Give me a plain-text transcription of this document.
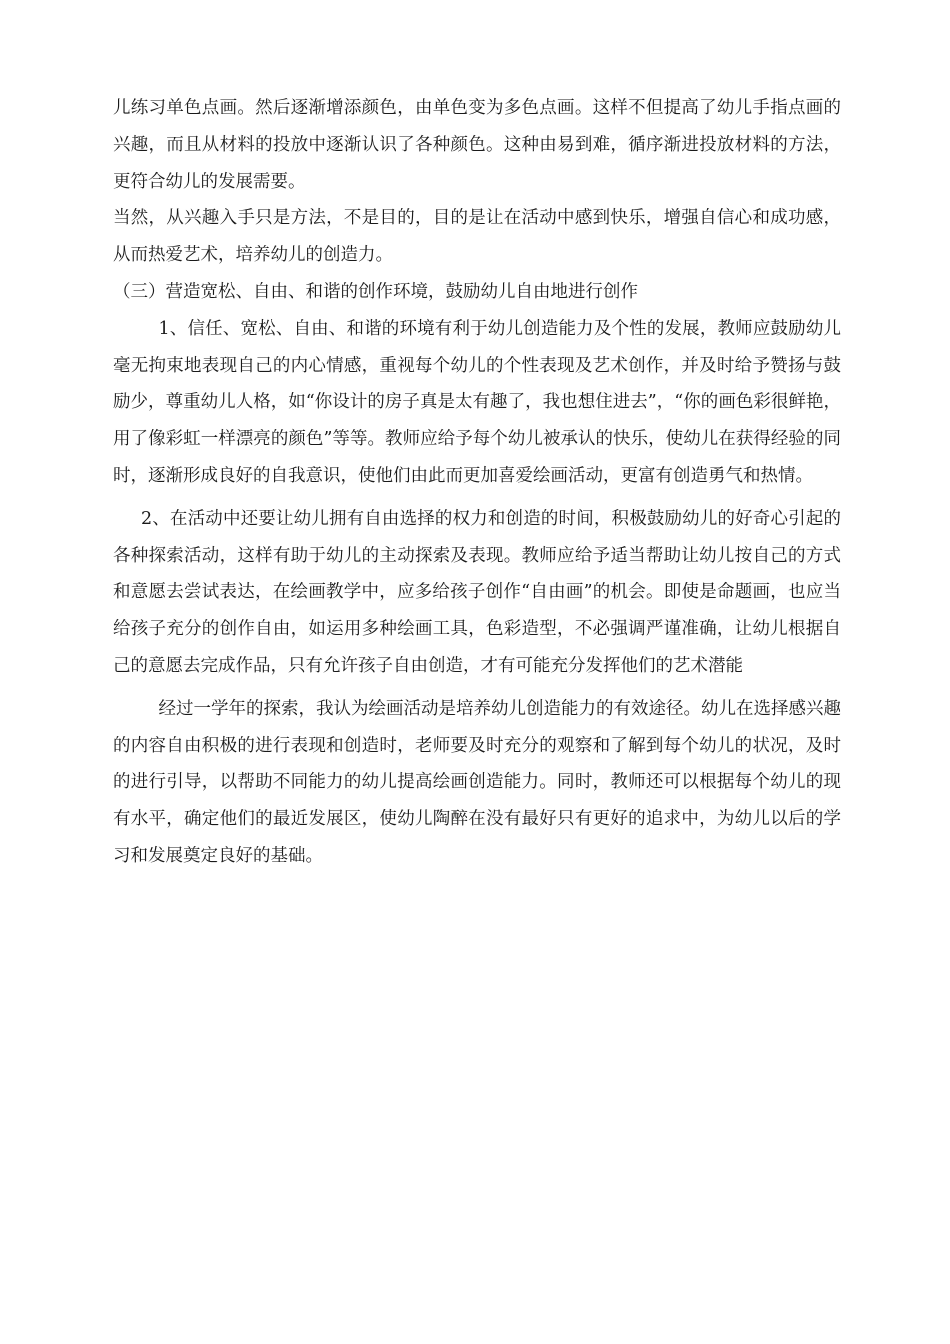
儿练习单色点画。然后逐渐增添颜色，由单色变为多色点画。这样不但提高了幼儿手指点画的兴趣，而且从材料的投放中逐渐认识了各种颜色。这种由易到难，循序渐进投放材料的方法，更符合幼儿的发展需要。

当然，从兴趣入手只是方法，不是目的，目的是让在活动中感到快乐，增强自信心和成功感，从而热爱艺术，培养幼儿的创造力。

（三）营造宽松、自由、和谐的创作环境，鼓励幼儿自由地进行创作

1、信任、宽松、自由、和谐的环境有利于幼儿创造能力及个性的发展，教师应鼓励幼儿毫无拘束地表现自己的内心情感，重视每个幼儿的个性表现及艺术创作，并及时给予赞扬与鼓励少，尊重幼儿人格，如“你设计的房子真是太有趣了，我也想住进去”，“你的画色彩很鲜艳，用了像彩虹一样漂亮的颜色”等等。教师应给予每个幼儿被承认的快乐，使幼儿在获得经验的同时，逐渐形成良好的自我意识，使他们由此而更加喜爱绘画活动，更富有创造勇气和热情。

2、在活动中还要让幼儿拥有自由选择的权力和创造的时间，积极鼓励幼儿的好奇心引起的各种探索活动，这样有助于幼儿的主动探索及表现。教师应给予适当帮助让幼儿按自己的方式和意愿去尝试表达，在绘画教学中，应多给孩子创作“自由画”的机会。即使是命题画，也应当给孩子充分的创作自由，如运用多种绘画工具，色彩造型，不必强调严谨准确，让幼儿根据自己的意愿去完成作品，只有允许孩子自由创造，才有可能充分发挥他们的艺术潜能

经过一学年的探索，我认为绘画活动是培养幼儿创造能力的有效途径。幼儿在选择感兴趣的内容自由积极的进行表现和创造时，老师要及时充分的观察和了解到每个幼儿的状况，及时的进行引导，以帮助不同能力的幼儿提高绘画创造能力。同时，教师还可以根据每个幼儿的现有水平，确定他们的最近发展区，使幼儿陶醉在没有最好只有更好的追求中，为幼儿以后的学习和发展奠定良好的基础。
